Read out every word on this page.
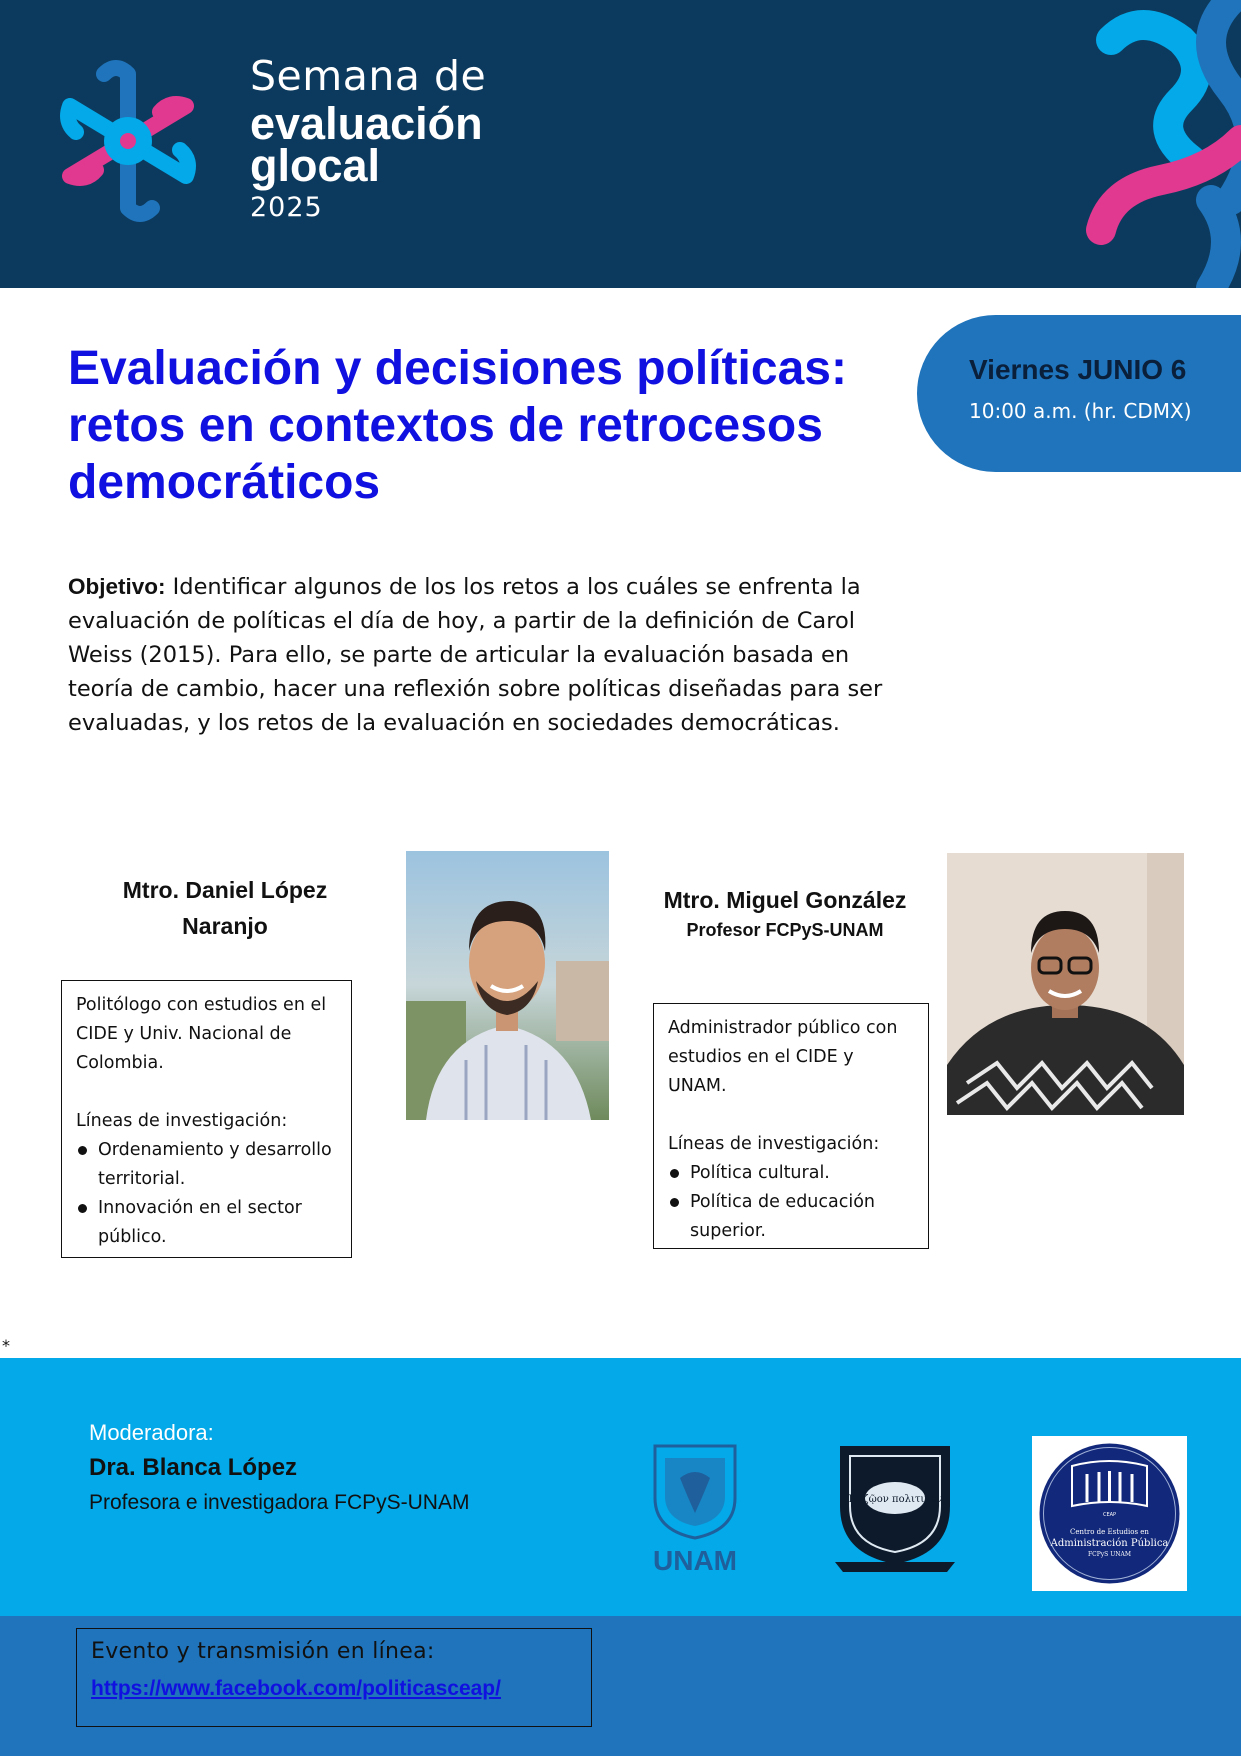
Semana de
evaluación
glocal
2025
Evaluación y decisiones políticas: retos en contextos de retrocesos democráticos
Viernes JUNIO 6
10:00 a.m. (hr. CDMX)
Objetivo: Identificar algunos de los los retos a los cuáles se enfrenta la evaluación de políticas el día de hoy, a partir de la definición de Carol Weiss (2015). Para ello, se parte de articular la evaluación basada en teoría de cambio, hacer una reflexión sobre políticas diseñadas para ser evaluadas, y los retos de la evaluación en sociedades democráticas.
Mtro. Daniel López Naranjo
Politólogo con estudios en el CIDE y Univ. Nacional de Colombia.
Líneas de investigación:
Ordenamiento y desarrollo territorial.
Innovación en el sector público.
Mtro. Miguel González
Profesor FCPyS-UNAM
Administrador público con estudios en el CIDE y UNAM.
Líneas de investigación:
Política cultural.
Política de educación superior.
*
Moderadora:
Dra. Blanca López
Profesora e investigadora FCPyS-UNAM
UNAM
Τό ζῷον πολιτικόν
CEAP
Centro de Estudios en
Administración Pública
FCPyS UNAM
Evento y transmisión en línea:
https://www.facebook.com/politicasceap/
